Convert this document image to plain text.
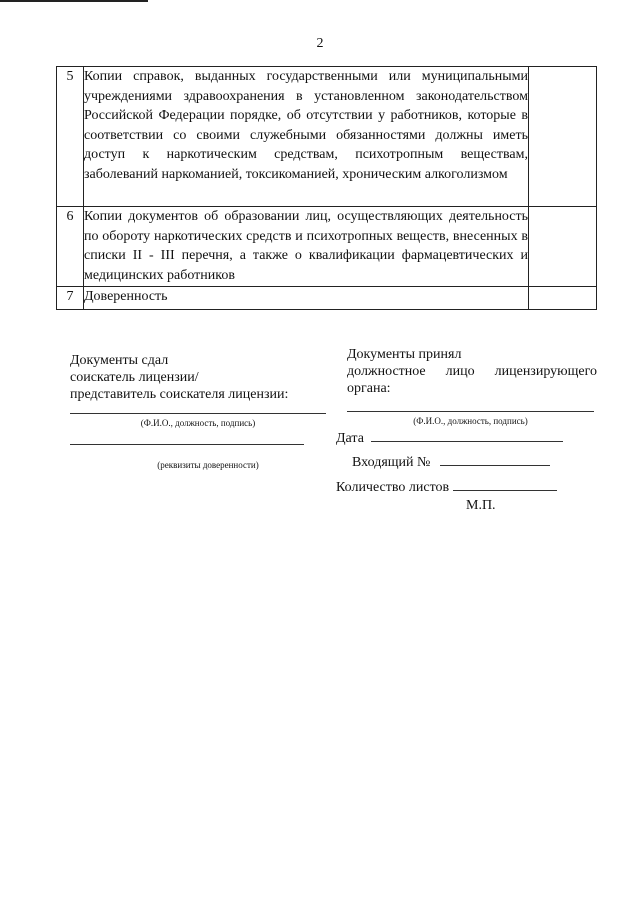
2
5	Копии справок, выданных государственными или муниципальными учреждениями здравоохранения в установленном законодательством Российской Федерации порядке, об отсутствии у работников, которые в соответствии со своими служебными обязанностями должны иметь доступ к наркотическим средствам, психотропным веществам, заболеваний наркоманией, токсикоманией, хроническим алкоголизмом	

6	Копии документов об образовании лиц, осуществляющих деятельность по обороту наркотических средств и психотропных веществ, внесенных в списки II - III перечня, а также о квалификации фармацевтических и медицинских работников	

7	Доверенность	

Документы сдал
соискатель лицензии/
представитель соискателя лицензии:
(Ф.И.О., должность, подпись)
(реквизиты доверенности)
Документы принял
должностное лицо лицензирующего
органа:
(Ф.И.О., должность, подпись)
Дата
Входящий №
Количество листов
М.П.
